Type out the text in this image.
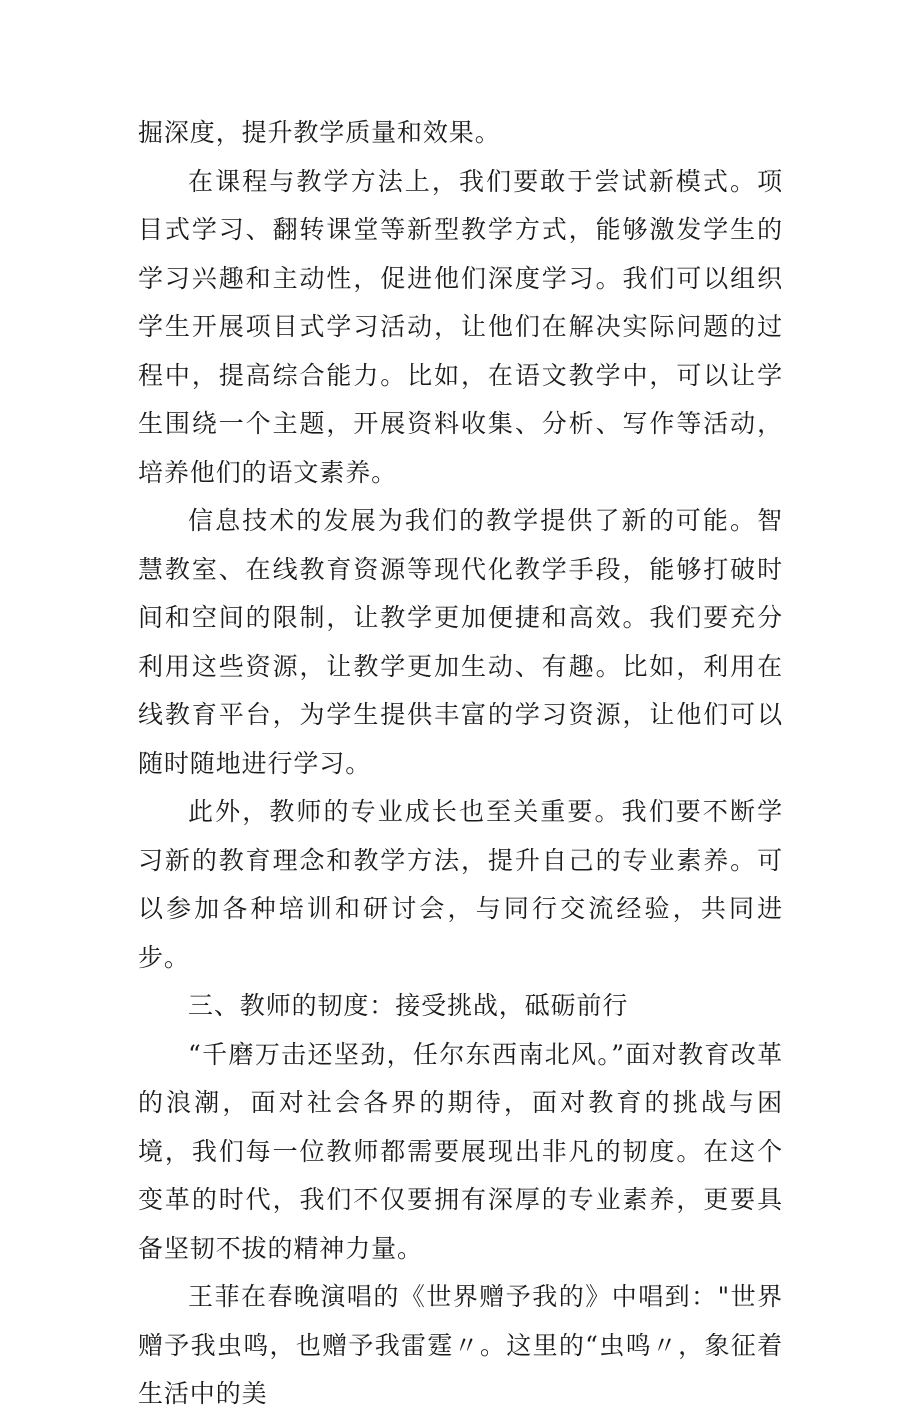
掘深度，提升教学质量和效果。

在课程与教学方法上，我们要敢于尝试新模式。项目式学习、翻转课堂等新型教学方式，能够激发学生的学习兴趣和主动性，促进他们深度学习。我们可以组织学生开展项目式学习活动，让他们在解决实际问题的过程中，提高综合能力。比如，在语文教学中，可以让学生围绕一个主题，开展资料收集、分析、写作等活动，培养他们的语文素养。

信息技术的发展为我们的教学提供了新的可能。智慧教室、在线教育资源等现代化教学手段，能够打破时间和空间的限制，让教学更加便捷和高效。我们要充分利用这些资源，让教学更加生动、有趣。比如，利用在线教育平台，为学生提供丰富的学习资源，让他们可以随时随地进行学习。

此外，教师的专业成长也至关重要。我们要不断学习新的教育理念和教学方法，提升自己的专业素养。可以参加各种培训和研讨会，与同行交流经验，共同进步。

三、教师的韧度：接受挑战，砥砺前行

“千磨万击还坚劲，任尔东西南北风。”面对教育改革的浪潮，面对社会各界的期待，面对教育的挑战与困境，我们每一位教师都需要展现出非凡的韧度。在这个变革的时代，我们不仅要拥有深厚的专业素养，更要具备坚韧不拔的精神力量。

王菲在春晚演唱的《世界赠予我的》中唱到："世界赠予我虫鸣，也赠予我雷霆〃。这里的“虫鸣〃，象征着生活中的美
